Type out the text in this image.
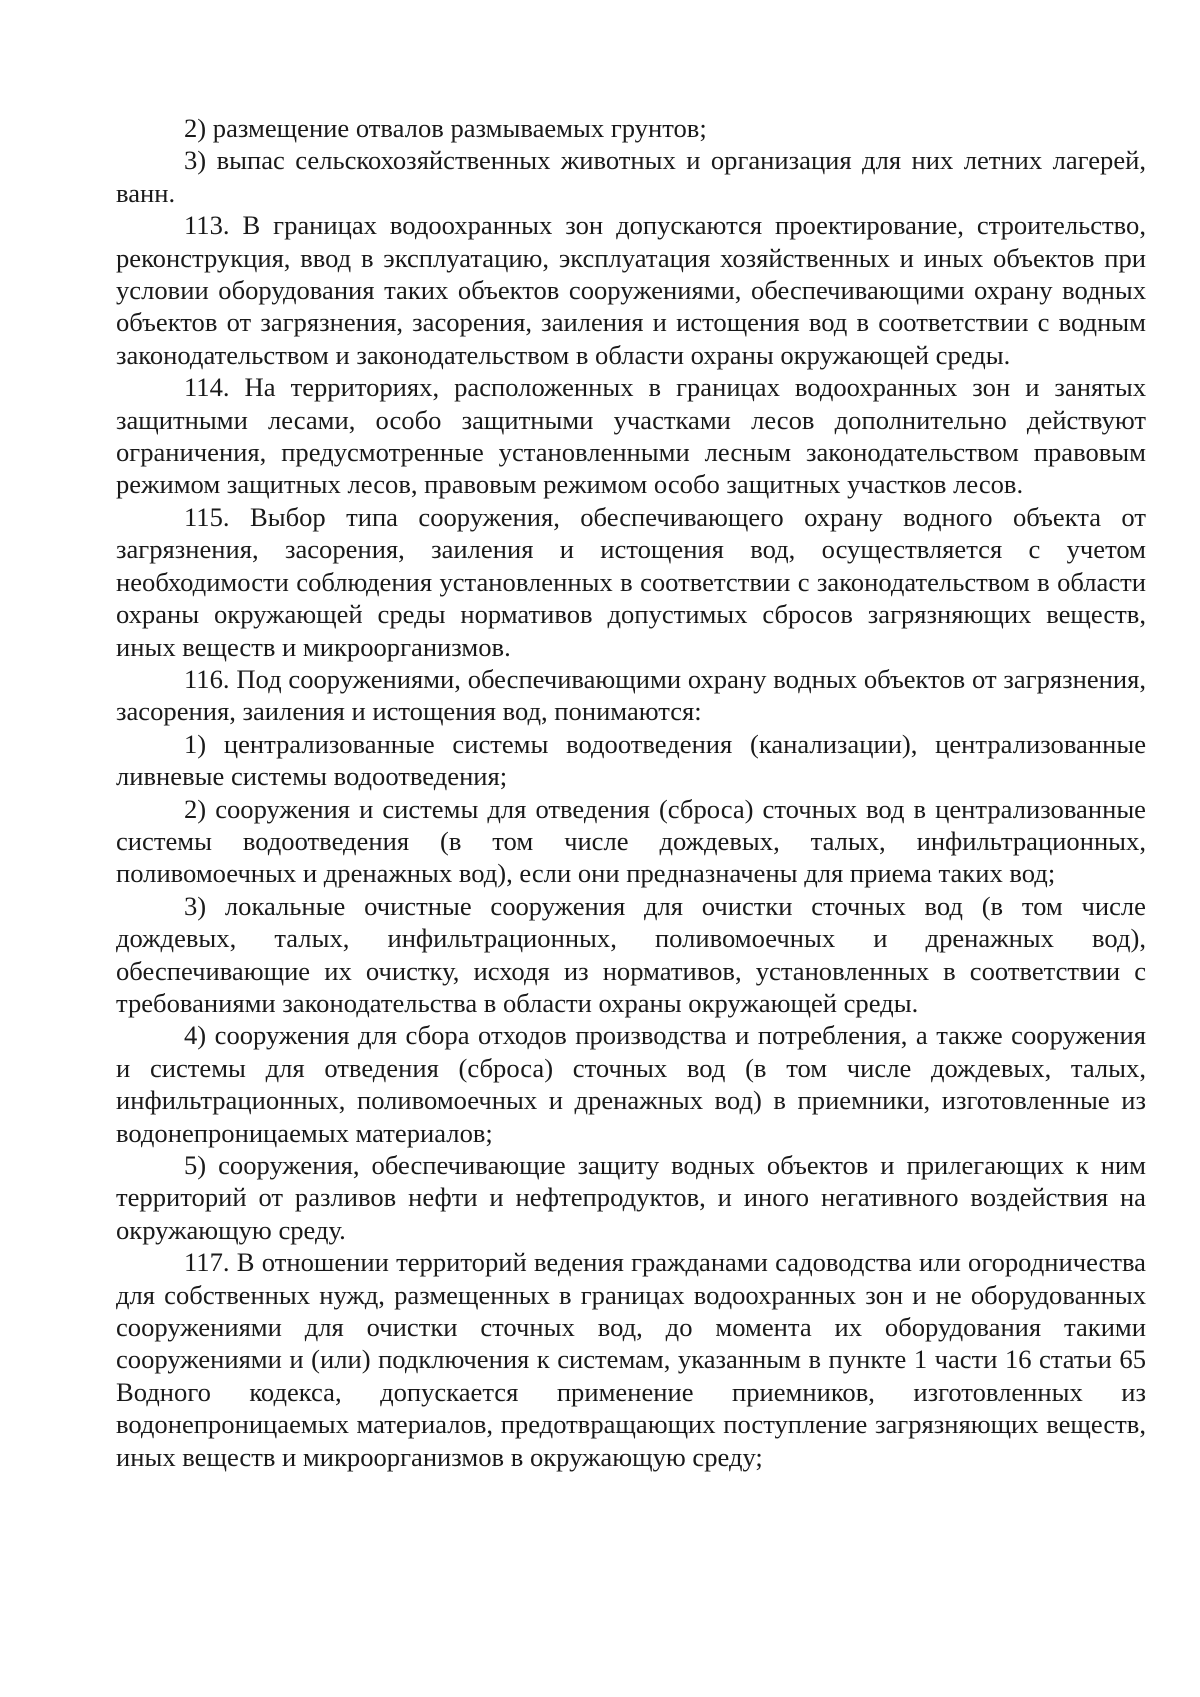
2) размещение отвалов размываемых грунтов;

3) выпас сельскохозяйственных животных и организация для них летних лагерей, ванн.

113. В границах водоохранных зон допускаются проектирование, строительство, реконструкция, ввод в эксплуатацию, эксплуатация хозяйственных и иных объектов при условии оборудования таких объектов сооружениями, обеспечивающими охрану водных объектов от загрязнения, засорения, заиления и истощения вод в соответствии с водным законодательством и законодательством в области охраны окружающей среды.

114. На территориях, расположенных в границах водоохранных зон и занятых защитными лесами, особо защитными участками лесов дополнительно действуют ограничения, предусмотренные установленными лесным законодательством правовым режимом защитных лесов, правовым режимом особо защитных участков лесов.

115. Выбор типа сооружения, обеспечивающего охрану водного объекта от загрязнения, засорения, заиления и истощения вод, осуществляется с учетом необходимости соблюдения установленных в соответствии с законодательством в области охраны окружающей среды нормативов допустимых сбросов загрязняющих веществ, иных веществ и микроорганизмов.

116. Под сооружениями, обеспечивающими охрану водных объектов от загрязнения, засорения, заиления и истощения вод, понимаются:

1) централизованные системы водоотведения (канализации), централизованные ливневые системы водоотведения;

2) сооружения и системы для отведения (сброса) сточных вод в централизованные системы водоотведения (в том числе дождевых, талых, инфильтрационных, поливомоечных и дренажных вод), если они предназначены для приема таких вод;

3) локальные очистные сооружения для очистки сточных вод (в том числе дождевых, талых, инфильтрационных, поливомоечных и дренажных вод), обеспечивающие их очистку, исходя из нормативов, установленных в соответствии с требованиями законодательства в области охраны окружающей среды.

4) сооружения для сбора отходов производства и потребления, а также сооружения и системы для отведения (сброса) сточных вод (в том числе дождевых, талых, инфильтрационных, поливомоечных и дренажных вод) в приемники, изготовленные из водонепроницаемых материалов;

5) сооружения, обеспечивающие защиту водных объектов и прилегающих к ним территорий от разливов нефти и нефтепродуктов, и иного негативного воздействия на окружающую среду.

117. В отношении территорий ведения гражданами садоводства или огородничества для собственных нужд, размещенных в границах водоохранных зон и не оборудованных сооружениями для очистки сточных вод, до момента их оборудования такими сооружениями и (или) подключения к системам, указанным в пункте 1 части 16 статьи 65 Водного кодекса, допускается применение приемников, изготовленных из водонепроницаемых материалов, предотвращающих поступление загрязняющих веществ, иных веществ и микроорганизмов в окружающую среду;
